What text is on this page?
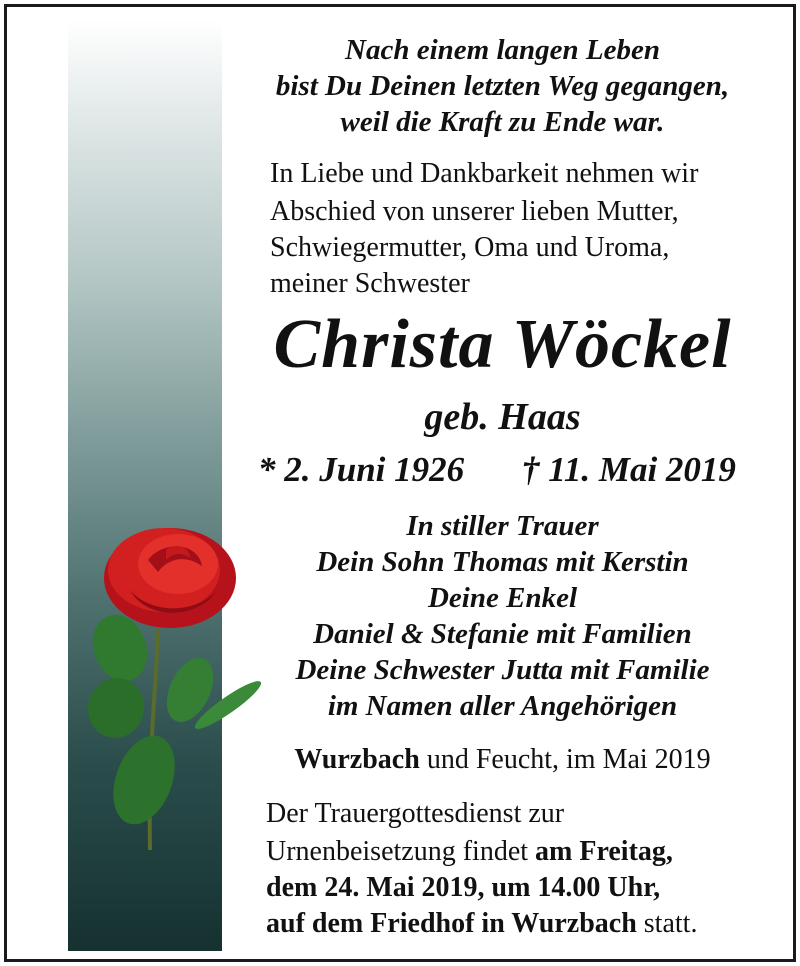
Nach einem langen Leben
bist Du Deinen letzten Weg gegangen,
weil die Kraft zu Ende war.
In Liebe und Dankbarkeit nehmen wir
Abschied von unserer lieben Mutter,
Schwiegermutter, Oma und Uroma,
meiner Schwester
Christa Wöckel
geb. Haas
* 2. Juni 1926 † 11. Mai 2019
In stiller Trauer
Dein Sohn Thomas mit Kerstin
Deine Enkel
Daniel & Stefanie mit Familien
Deine Schwester Jutta mit Familie
im Namen aller Angehörigen
Wurzbach und Feucht, im Mai 2019
Der Trauergottesdienst zur
Urnenbeisetzung findet am Freitag,
dem 24. Mai 2019, um 14.00 Uhr,
auf dem Friedhof in Wurzbach statt.
